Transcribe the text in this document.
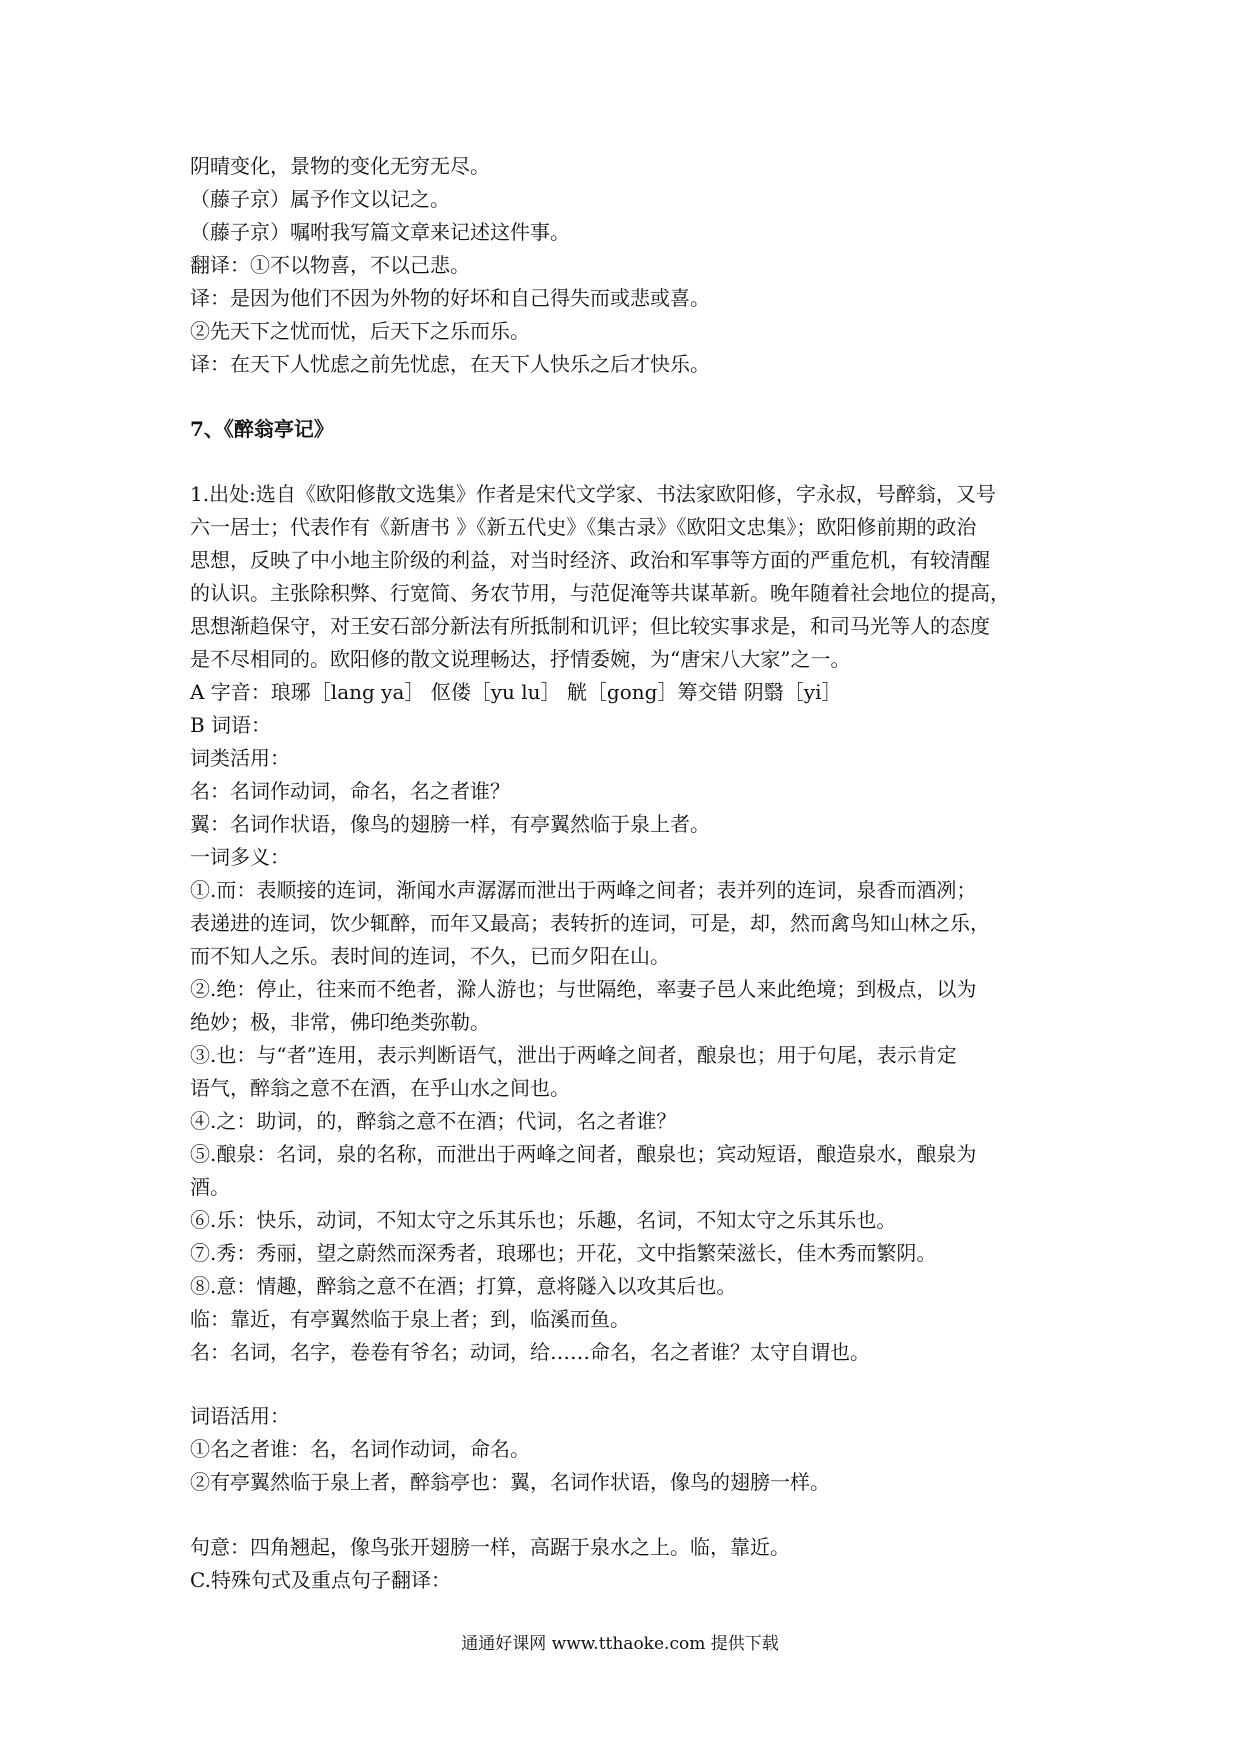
阴晴变化，景物的变化无穷无尽。
（藤子京）属予作文以记之。
（藤子京）嘱咐我写篇文章来记述这件事。
翻译：①不以物喜，不以己悲。
译：是因为他们不因为外物的好坏和自己得失而或悲或喜。
②先天下之忧而忧，后天下之乐而乐。
译：在天下人忧虑之前先忧虑，在天下人快乐之后才快乐。
7、《醉翁亭记》
1.出处:选自《欧阳修散文选集》作者是宋代文学家、书法家欧阳修，字永叔，号醉翁，又号
六一居士；代表作有《新唐书 》《新五代史》《集古录》《欧阳文忠集》；欧阳修前期的政治
思想，反映了中小地主阶级的利益，对当时经济、政治和军事等方面的严重危机，有较清醒
的认识。主张除积弊、行宽简、务农节用，与范促淹等共谋革新。晚年随着社会地位的提高，
思想渐趋保守，对王安石部分新法有所抵制和讥评；但比较实事求是，和司马光等人的态度
是不尽相同的。欧阳修的散文说理畅达，抒情委婉，为“唐宋八大家”之一。
A 字音：琅琊［lang ya］ 伛偻［yu lu］ 觥［gong］筹交错 阴翳［yi］
B 词语：
词类活用：
名：名词作动词，命名，名之者谁？
翼：名词作状语，像鸟的翅膀一样，有亭翼然临于泉上者。
一词多义：
①.而：表顺接的连词，渐闻水声潺潺而泄出于两峰之间者；表并列的连词，泉香而酒冽；
表递进的连词，饮少辄醉，而年又最高；表转折的连词，可是，却，然而禽鸟知山林之乐，
而不知人之乐。表时间的连词，不久，已而夕阳在山。
②.绝：停止，往来而不绝者，滁人游也；与世隔绝，率妻子邑人来此绝境；到极点，以为
绝妙；极，非常，佛印绝类弥勒。
③.也：与“者”连用，表示判断语气，泄出于两峰之间者，酿泉也；用于句尾，表示肯定
语气，醉翁之意不在酒，在乎山水之间也。
④.之：助词，的，醉翁之意不在酒；代词，名之者谁？
⑤.酿泉：名词，泉的名称，而泄出于两峰之间者，酿泉也；宾动短语，酿造泉水，酿泉为
酒。
⑥.乐：快乐，动词，不知太守之乐其乐也；乐趣，名词，不知太守之乐其乐也。
⑦.秀：秀丽，望之蔚然而深秀者，琅琊也；开花，文中指繁荣滋长，佳木秀而繁阴。
⑧.意：情趣，醉翁之意不在酒；打算，意将隧入以攻其后也。
临：靠近，有亭翼然临于泉上者；到，临溪而鱼。
名：名词，名字，卷卷有爷名；动词，给……命名，名之者谁？太守自谓也。
词语活用：
①名之者谁：名，名词作动词，命名。
②有亭翼然临于泉上者，醉翁亭也：翼，名词作状语，像鸟的翅膀一样。
句意：四角翘起，像鸟张开翅膀一样，高踞于泉水之上。临，靠近。
C.特殊句式及重点句子翻译：
通通好课网 www.tthaoke.com 提供下载
